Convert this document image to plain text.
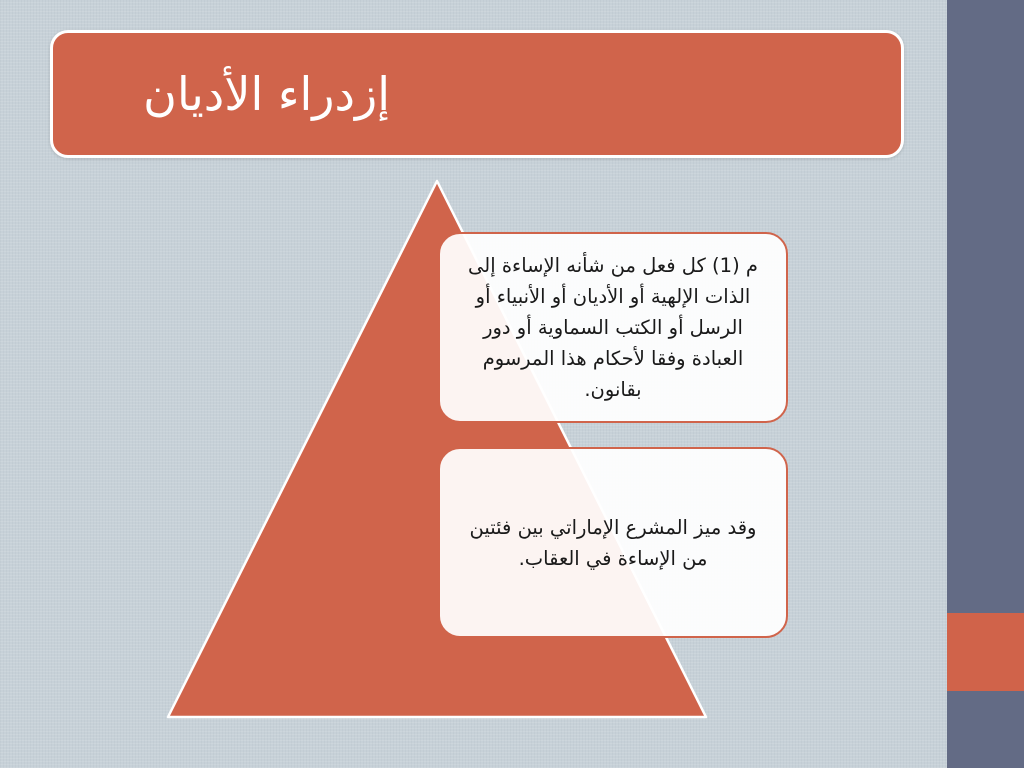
إزدراء الأديان
م (1) كل فعل من شأنه الإساءة إلى الذات الإلهية أو الأديان أو الأنبياء أو الرسل أو الكتب السماوية أو دور العبادة وفقا لأحكام هذا المرسوم بقانون.
وقد ميز المشرع الإماراتي بين فئتين من الإساءة في العقاب.
